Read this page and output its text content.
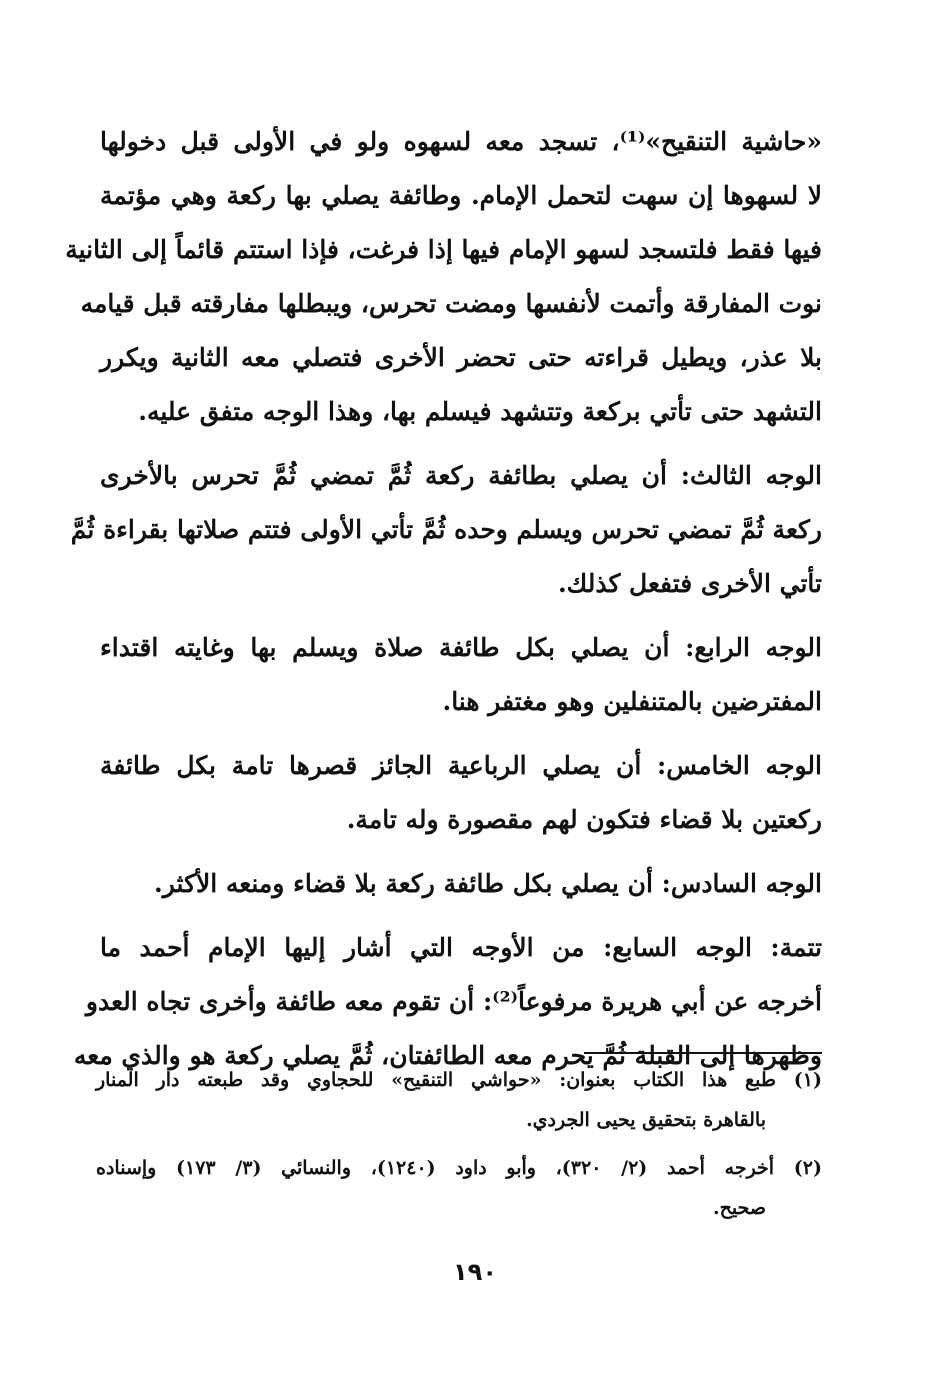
«حاشية التنقيح»⁽¹⁾، تسجد معه لسهوه ولو في الأولى قبل دخولها
لا لسهوها إن سهت لتحمل الإمام. وطائفة يصلي بها ركعة وهي مؤتمة
فيها فقط فلتسجد لسهو الإمام فيها إذا فرغت، فإذا استتم قائماً إلى الثانية
نوت المفارقة وأتمت لأنفسها ومضت تحرس، ويبطلها مفارقته قبل قيامه
بلا عذر، ويطيل قراءته حتى تحضر الأخرى فتصلي معه الثانية ويكرر
التشهد حتى تأتي بركعة وتتشهد فيسلم بها، وهذا الوجه متفق عليه.
الوجه الثالث: أن يصلي بطائفة ركعة ثُمَّ تمضي ثُمَّ تحرس بالأخرى
ركعة ثُمَّ تمضي تحرس ويسلم وحده ثُمَّ تأتي الأولى فتتم صلاتها بقراءة ثُمَّ
تأتي الأخرى فتفعل كذلك.
الوجه الرابع: أن يصلي بكل طائفة صلاة ويسلم بها وغايته اقتداء
المفترضين بالمتنفلين وهو مغتفر هنا.
الوجه الخامس: أن يصلي الرباعية الجائز قصرها تامة بكل طائفة
ركعتين بلا قضاء فتكون لهم مقصورة وله تامة.
الوجه السادس: أن يصلي بكل طائفة ركعة بلا قضاء ومنعه الأكثر.
تتمة: الوجه السابع: من الأوجه التي أشار إليها الإمام أحمد ما
أخرجه عن أبي هريرة مرفوعاً⁽²⁾: أن تقوم معه طائفة وأخرى تجاه العدو
وظهرها إلى القبلة ثُمَّ يحرم معه الطائفتان، ثُمَّ يصلي ركعة هو والذي معه
(١) طبع هذا الكتاب بعنوان: «حواشي التنقيح» للحجاوي وقد طبعته دار المنار
بالقاهرة بتحقيق يحيى الجردي.
(٢) أخرجه أحمد (٢/ ٣٢٠)، وأبو داود (١٢٤٠)، والنسائي (٣/ ١٧٣) وإسناده
صحيح.
١٩٠
